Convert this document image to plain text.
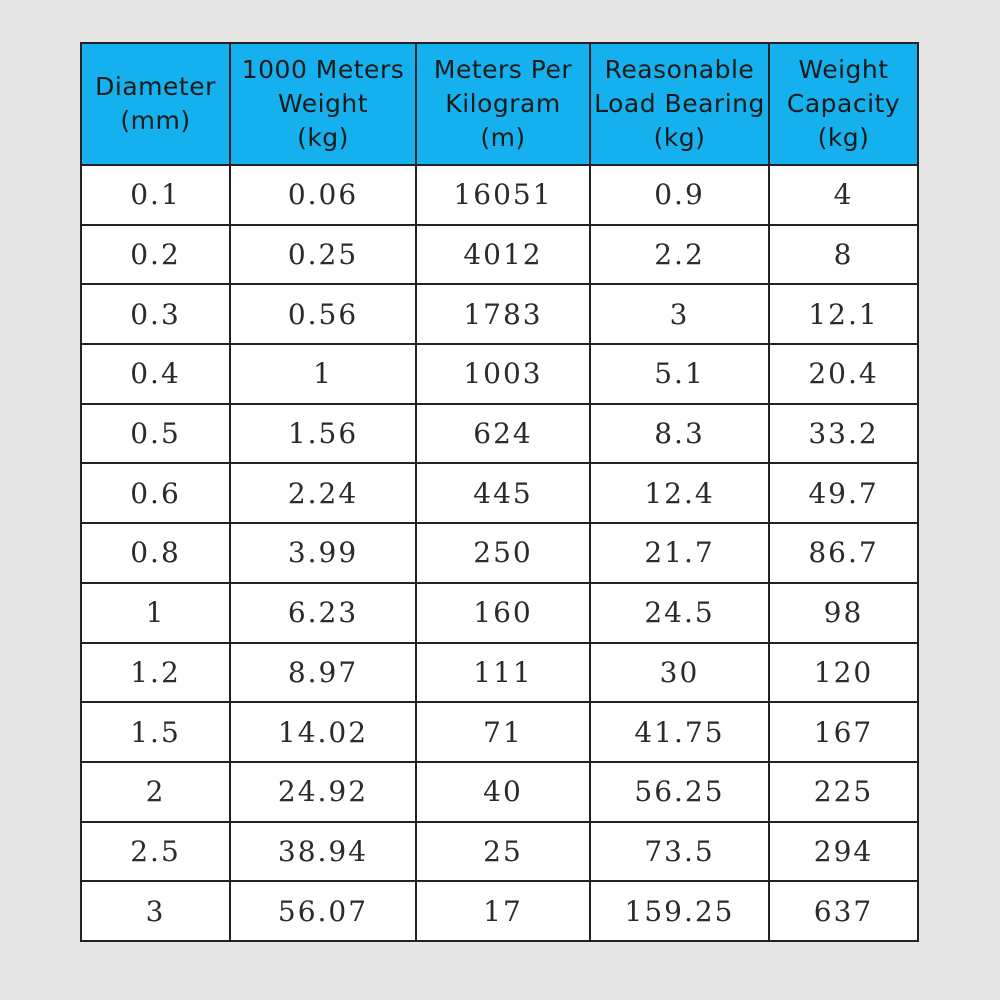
Diameter
(mm)	1000 Meters
Weight
(kg)	Meters Per
Kilogram
(m)	Reasonable
Load Bearing
(kg)	Weight
Capacity
(kg)
0.1	0.06	16051	0.9	4
0.2	0.25	4012	2.2	8
0.3	0.56	1783	3	12.1
0.4	1	1003	5.1	20.4
0.5	1.56	624	8.3	33.2
0.6	2.24	445	12.4	49.7
0.8	3.99	250	21.7	86.7
1	6.23	160	24.5	98
1.2	8.97	111	30	120
1.5	14.02	71	41.75	167
2	24.92	40	56.25	225
2.5	38.94	25	73.5	294
3	56.07	17	159.25	637
